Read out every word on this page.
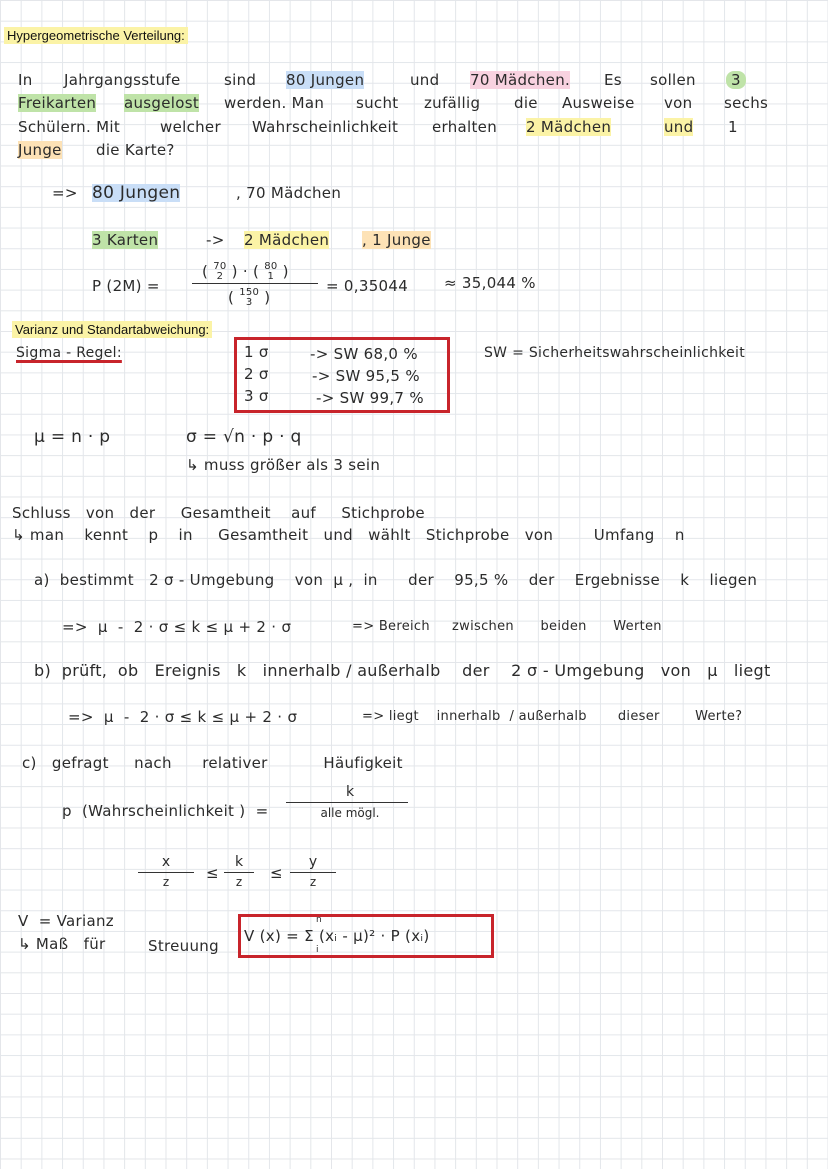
Hypergeometrische Verteilung:
In Jahrgangsstufe	sind 80 Jungen	und 70 Mädchen. Es sollen	3
Freikarten ausgelost werden. Man sucht zufällig die Ausweise von sechs
Schülern. Mit	welcher Wahrscheinlichkeit erhalten 2 Mädchen	und 1
Junge die Karte?
=> 80 Jungen	, 70 Mädchen
3 Karten	-> 2 Mädchen , 1 Junge
P (2M) =
( 70
2 ) · ( 80
1 )
( 150
3 )
= 0,35044 ≈ 35,044 %
Varianz und Standartabweichung:
Sigma - Regel:	1 σ	-> SW 68,0 %
2 σ	-> SW 95,5 %
3 σ	-> SW 99,7 %
SW = Sicherheitswahrscheinlichkeit
μ = n · p	σ = √n · p · q
↳ muss größer als 3 sein
Schluss   von   der     Gesamtheit    auf     Stichprobe
↳ man    kennt    p    in     Gesamtheit   und   wählt   Stichprobe   von        Umfang    n
a)  bestimmt   2 σ - Umgebung    von  μ ,  in      der    95,5 %    der    Ergebnisse    k    liegen
=>  μ  -  2 · σ ≤ k ≤ μ + 2 · σ	=> Bereich     zwischen      beiden      Werten
b)  prüft,  ob   Ereignis   k   innerhalb / außerhalb    der    2 σ - Umgebung   von   μ   liegt
=>  μ  -  2 · σ ≤ k ≤ μ + 2 · σ	=> liegt    innerhalb  / außerhalb       dieser        Werte?
c)   gefragt     nach      relativer           Häufigkeit
p  (Wahrscheinlichkeit )  =
k
alle mögl.
x
z	≤
k
z	≤
y
z
V  = Varianz
↳ Maß   für	Streuung
V (x) = Σ (xᵢ - μ)² · P (xᵢ)
n
i
